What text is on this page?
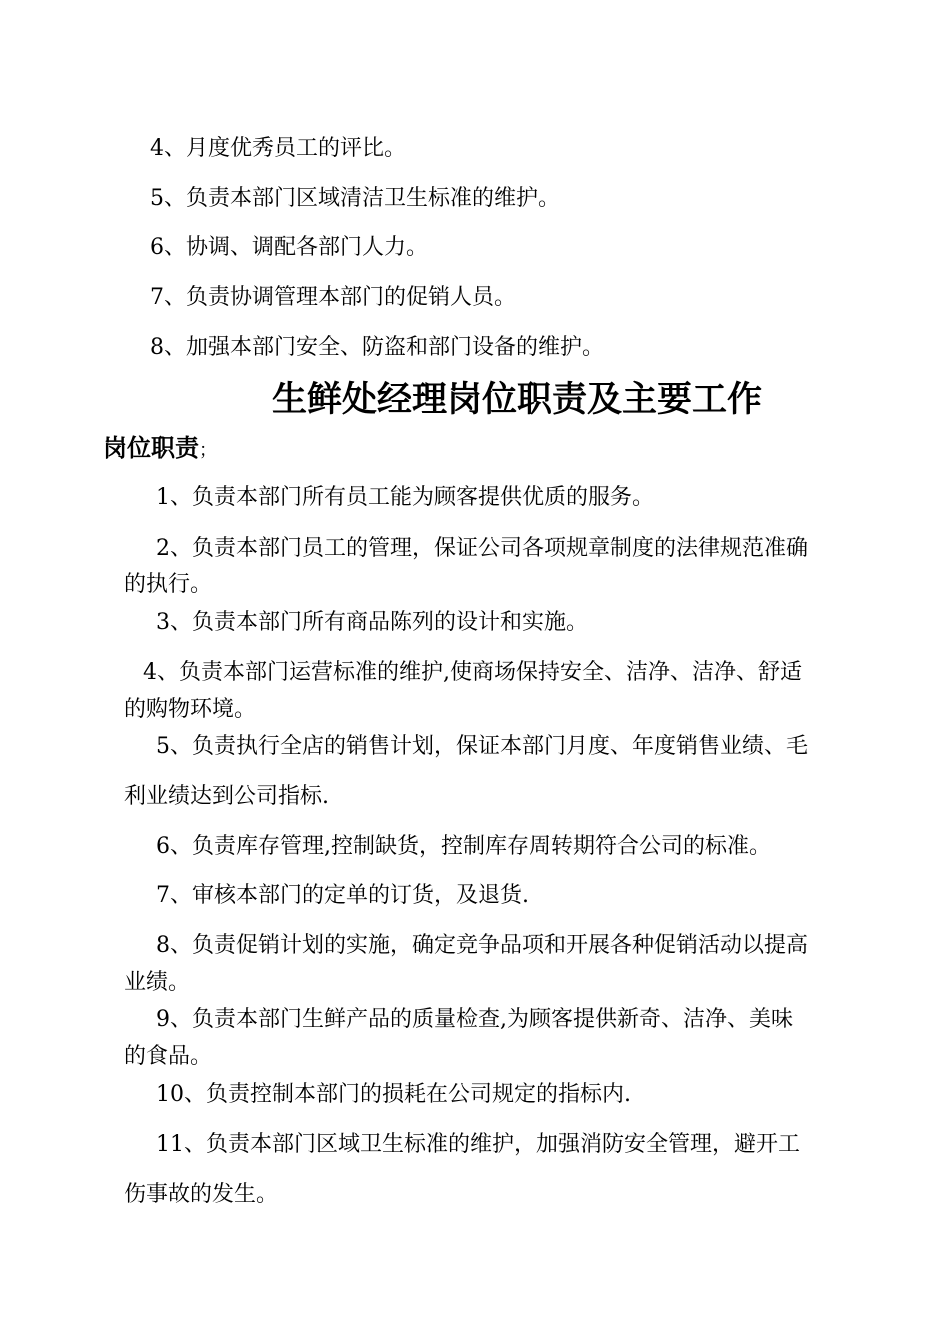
4、月度优秀员工的评比。
5、负责本部门区域清洁卫生标准的维护。
6、协调、调配各部门人力。
7、负责协调管理本部门的促销人员。
8、加强本部门安全、防盗和部门设备的维护。
生鲜处经理岗位职责及主要工作
岗位职责；
1、负责本部门所有员工能为顾客提供优质的服务。
2、负责本部门员工的管理，保证公司各项规章制度的法律规范准确
的执行。
3、负责本部门所有商品陈列的设计和实施。
4、负责本部门运营标准的维护,使商场保持安全、洁净、洁净、舒适
的购物环境。
5、负责执行全店的销售计划，保证本部门月度、年度销售业绩、毛
利业绩达到公司指标.
6、负责库存管理,控制缺货，控制库存周转期符合公司的标准。
7、审核本部门的定单的订货，及退货.
8、负责促销计划的实施，确定竞争品项和开展各种促销活动以提高
业绩。
9、负责本部门生鲜产品的质量检查,为顾客提供新奇、洁净、美味
的食品。
10、负责控制本部门的损耗在公司规定的指标内.
11、负责本部门区域卫生标准的维护，加强消防安全管理，避开工
伤事故的发生。
